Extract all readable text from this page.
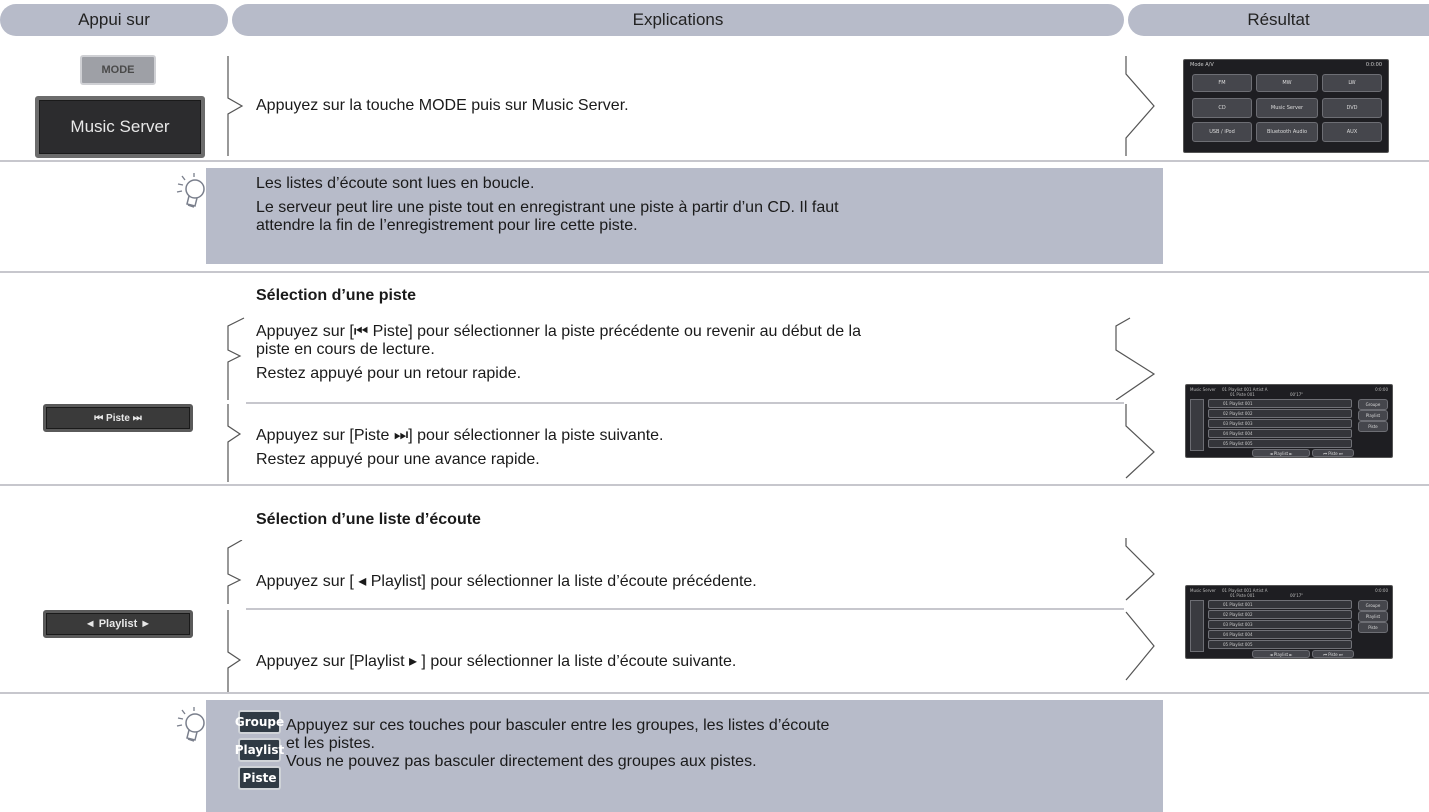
Appui sur	Explications	Résultat
MODE
Music Server
Appuyez sur la touche MODE puis sur Music Server.
Mode A/V	0:0:00
FM	MW	LW
CD	Music Server	DVD
USB / iPod	Bluetooth Audio	AUX
Les listes d’écoute sont lues en boucle.
Le serveur peut lire une piste tout en enregistrant une piste à partir d’un CD. Il faut
attendre la fin de l’enregistrement pour lire cette piste.
Sélection d’une piste
Appuyez sur [⏮ Piste] pour sélectionner la piste précédente ou revenir au début de la
piste en cours de lecture.
Restez appuyé pour un retour rapide.
Appuyez sur [Piste ⏭] pour sélectionner la piste suivante.
Restez appuyé pour une avance rapide.
⏮ Piste ⏭
Music Server 01 Playlist 001 Artist A
01 Piste 001	00'17"
0:0:00
01 Playlist 001
02 Playlist 002
03 Playlist 003
04 Playlist 004
05 Playlist 005
Groupe
Playlist
Piste
◄ Playlist ►	⏮ Piste ⏭
Sélection d’une liste d’écoute
Appuyez sur [ ◂ Playlist] pour sélectionner la liste d’écoute précédente.
Appuyez sur [Playlist ▸ ] pour sélectionner la liste d’écoute suivante.
◄ Playlist ►
Music Server 01 Playlist 001 Artist A
01 Piste 001	00'17"
0:0:00
01 Playlist 001
02 Playlist 002
03 Playlist 003
04 Playlist 004
05 Playlist 005
Groupe
Playlist
Piste
◄ Playlist ►	⏮ Piste ⏭
Groupe
Playlist
Piste
Appuyez sur ces touches pour basculer entre les groupes, les listes d’écoute
et les pistes.
Vous ne pouvez pas basculer directement des groupes aux pistes.
